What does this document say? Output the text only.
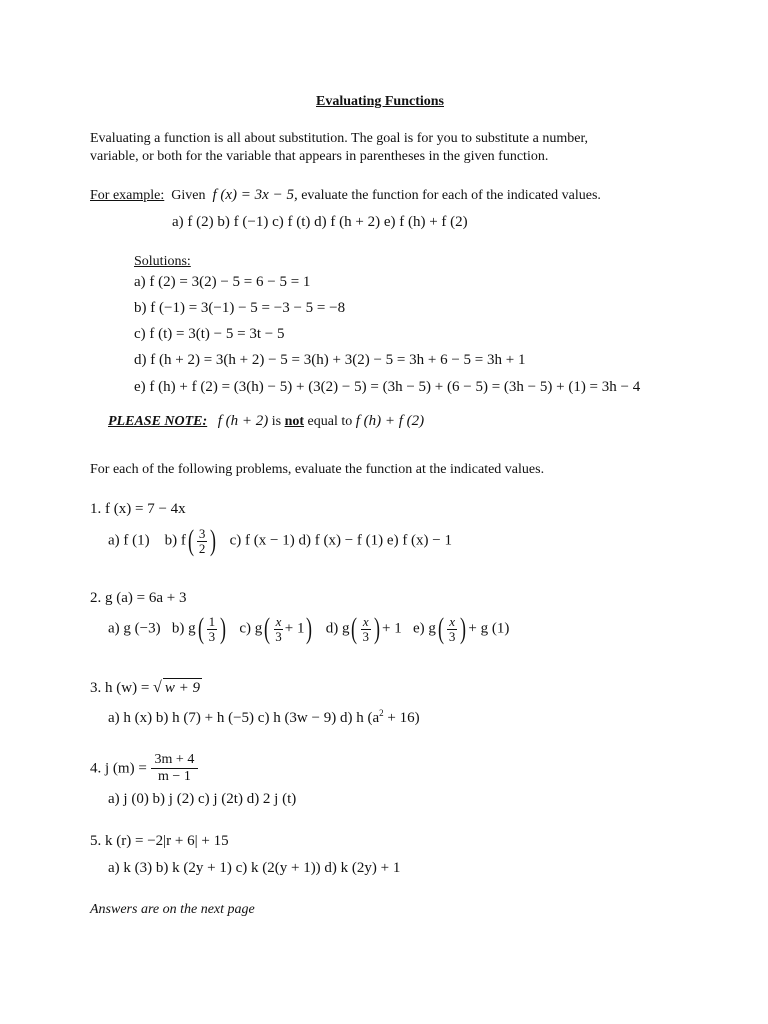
Evaluating Functions
Evaluating a function is all about substitution. The goal is for you to substitute a number,
variable, or both for the variable that appears in parentheses in the given function.
For example: Given f (x) = 3x − 5, evaluate the function for each of the indicated values.
a) f (2) b) f (−1) c) f (t) d) f (h + 2) e) f (h) + f (2)
Solutions:
a) f (2) = 3(2) − 5 = 6 − 5 = 1
b) f (−1) = 3(−1) − 5 = −3 − 5 = −8
c) f (t) = 3(t) − 5 = 3t − 5
d) f (h + 2) = 3(h + 2) − 5 = 3(h) + 3(2) − 5 = 3h + 6 − 5 = 3h + 1
e) f (h) + f (2) = (3(h) − 5) + (3(2) − 5) = (3h − 5) + (6 − 5) = (3h − 5) + (1) = 3h − 4
PLEASE NOTE: f (h + 2) is not equal to f (h) + f (2)
For each of the following problems, evaluate the function at the indicated values.
1. f (x) = 7 − 4x
a) f (1) b) $f( \frac{3}{2}$ ) c) f (x − 1) d) f (x) − f (1) e) f (x) − 1
2. g (a) = 6a + 3
a) g (−3) b) $g( \frac{1}{3}$ ) c) $g( \frac{x}{3} + 1)$ d) $g( \frac{x}{3}$ ) + 1 e) $g( \frac{x}{3}$ ) + g (1)
3. h (w) = √ w + 9
a) h (x) b) h (7) + h (−5) c) h (3w − 9) d) h $(a^2 + 16)$
4. j $(m) = \frac{3m + 4}{m - 1}$
a) j (0) b) j (2) c) j (2t) d) 2 j (t)
5. k (r) = −2|r + 6| + 15
a) k (3) b) k (2y + 1) c) k (2(y + 1)) d) k (2y) + 1
Answers are on the next page
